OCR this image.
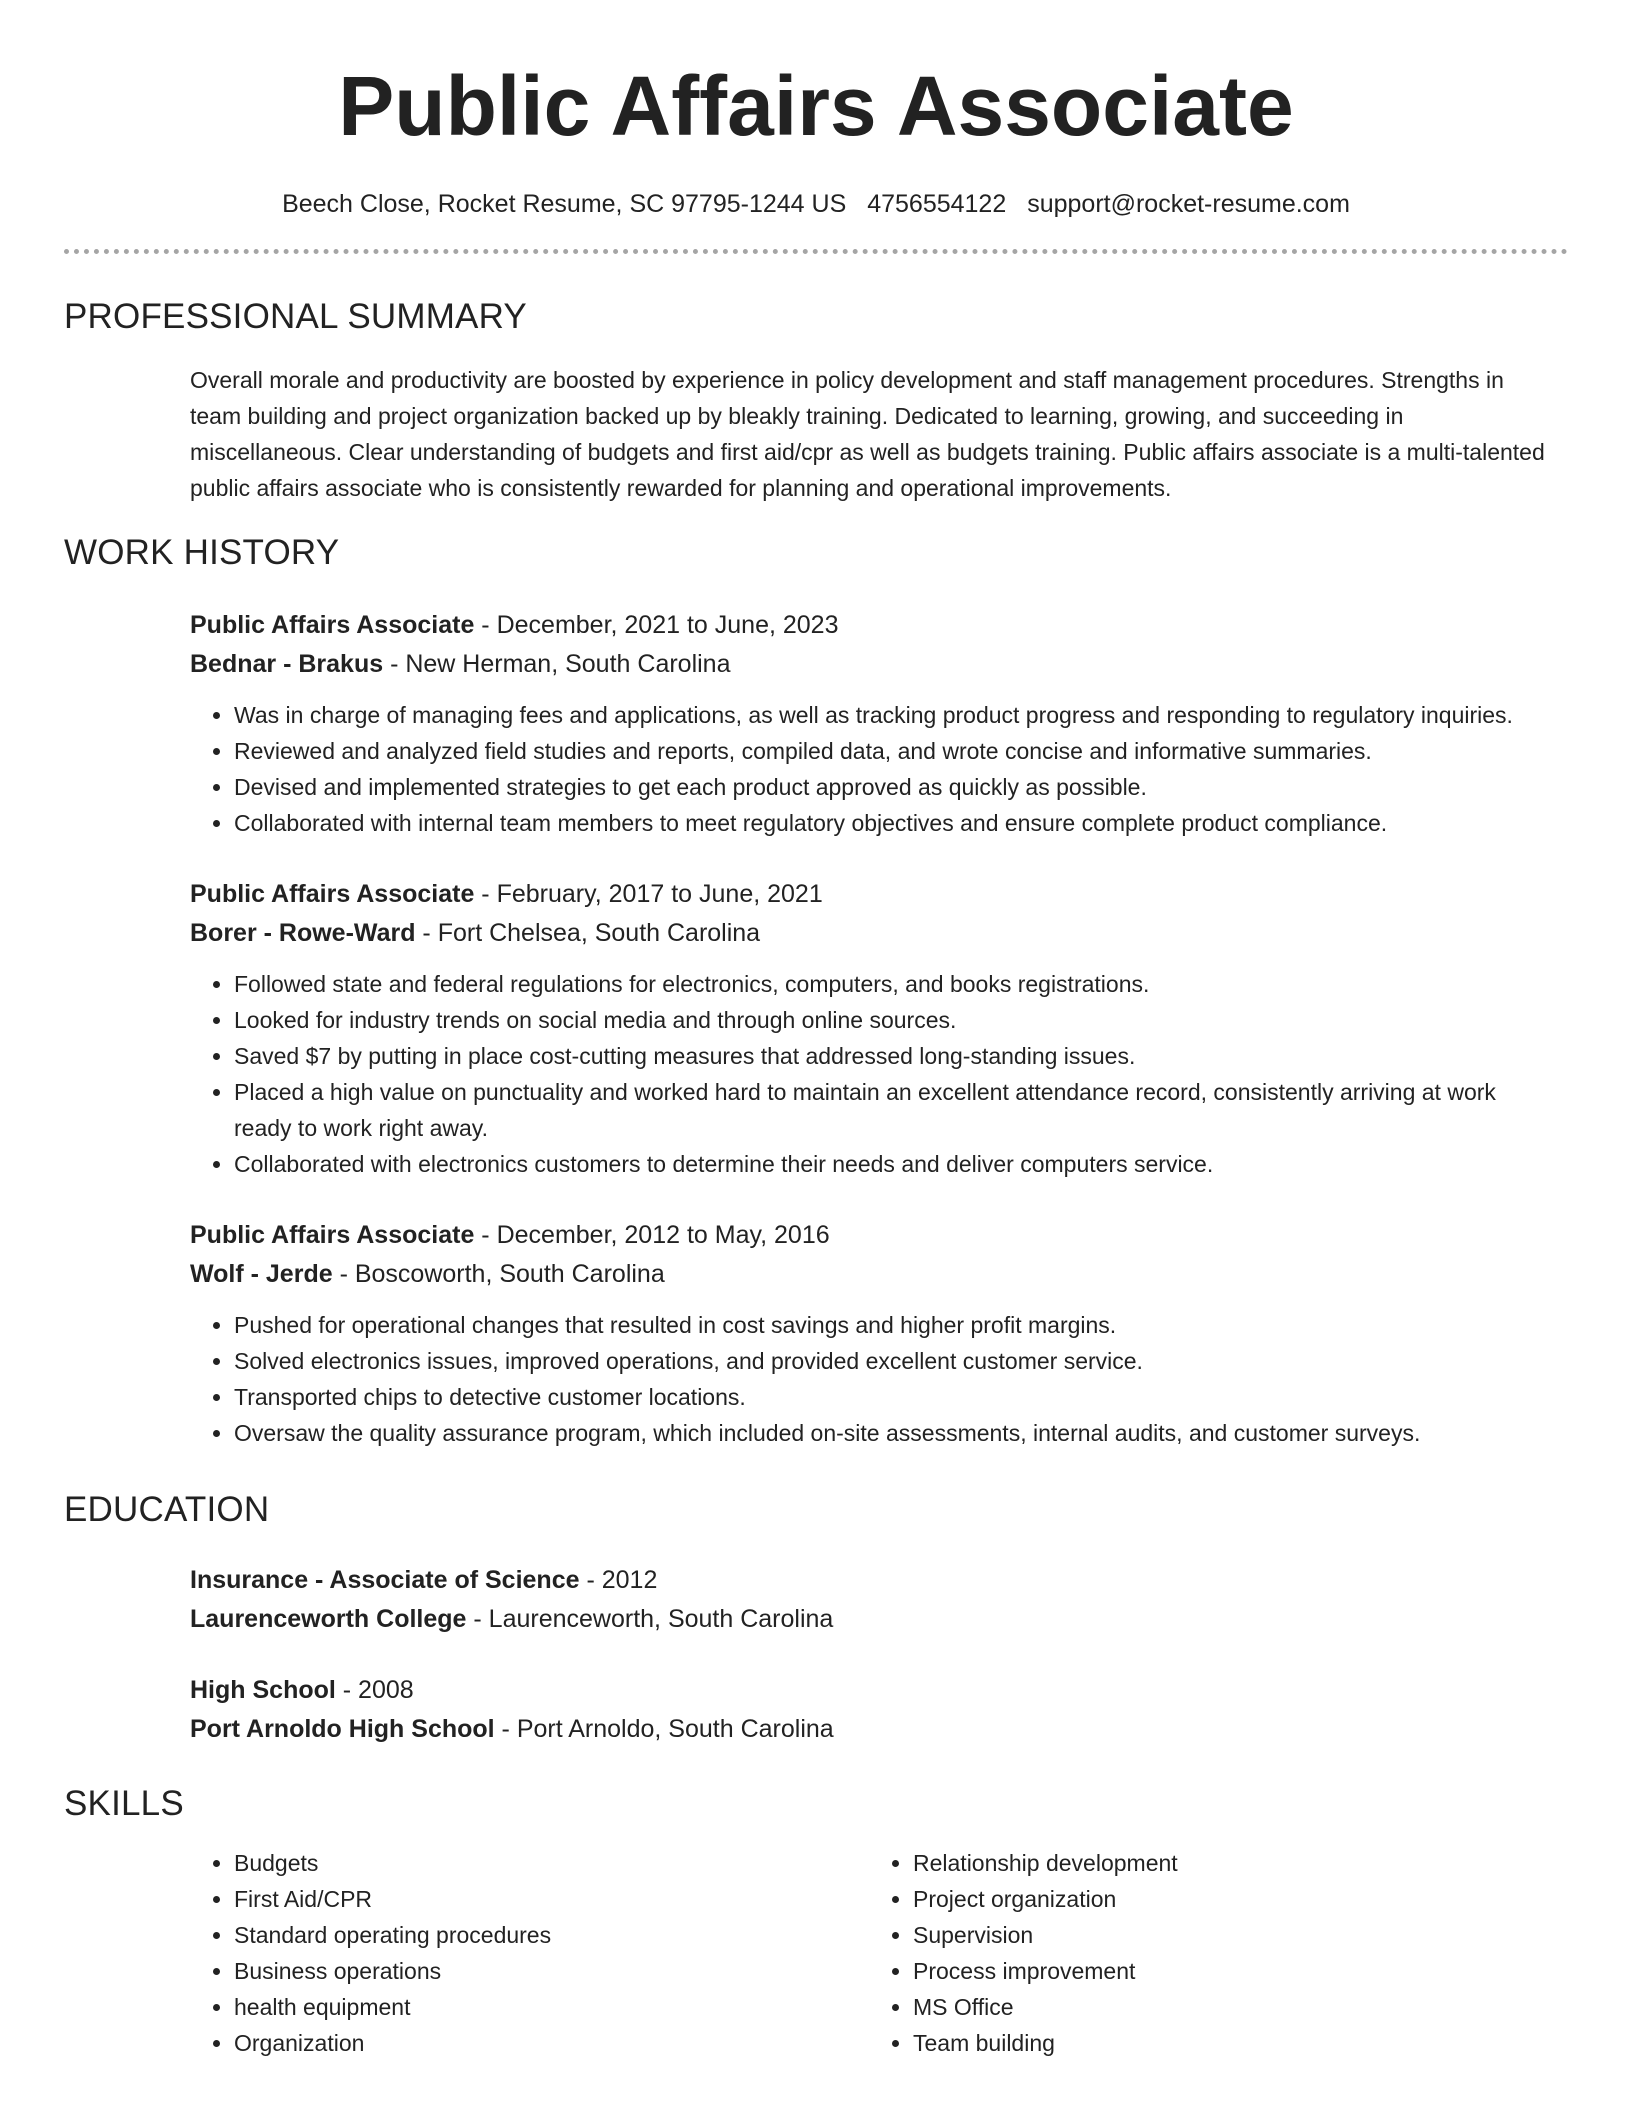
Public Affairs Associate
Beech Close, Rocket Resume, SC 97795-1244 US 4756554122 support@rocket-resume.com
PROFESSIONAL SUMMARY

Overall morale and productivity are boosted by experience in policy development and staff management procedures. Strengths in team building and project organization backed up by bleakly training. Dedicated to learning, growing, and succeeding in miscellaneous. Clear understanding of budgets and first aid/cpr as well as budgets training. Public affairs associate is a multi-talented public affairs associate who is consistently rewarded for planning and operational improvements.

WORK HISTORY
Public Affairs Associate - December, 2021 to June, 2023
Bednar - Brakus - New Herman, South Carolina
• Was in charge of managing fees and applications, as well as tracking product progress and responding to regulatory inquiries.
• Reviewed and analyzed field studies and reports, compiled data, and wrote concise and informative summaries.
• Devised and implemented strategies to get each product approved as quickly as possible.
• Collaborated with internal team members to meet regulatory objectives and ensure complete product compliance.
Public Affairs Associate - February, 2017 to June, 2021
Borer - Rowe-Ward - Fort Chelsea, South Carolina
• Followed state and federal regulations for electronics, computers, and books registrations.
• Looked for industry trends on social media and through online sources.
• Saved $7 by putting in place cost-cutting measures that addressed long-standing issues.
• Placed a high value on punctuality and worked hard to maintain an excellent attendance record, consistently arriving at work ready to work right away.
• Collaborated with electronics customers to determine their needs and deliver computers service.
Public Affairs Associate - December, 2012 to May, 2016
Wolf - Jerde - Boscoworth, South Carolina
• Pushed for operational changes that resulted in cost savings and higher profit margins.
• Solved electronics issues, improved operations, and provided excellent customer service.
• Transported chips to detective customer locations.
• Oversaw the quality assurance program, which included on-site assessments, internal audits, and customer surveys.
EDUCATION
Insurance - Associate of Science - 2012
Laurenceworth College - Laurenceworth, South Carolina
High School - 2008
Port Arnoldo High School - Port Arnoldo, South Carolina
SKILLS
• Budgets
• First Aid/CPR
• Standard operating procedures
• Business operations
• health equipment
• Organization
• Relationship development
• Project organization
• Supervision
• Process improvement
• MS Office
• Team building
